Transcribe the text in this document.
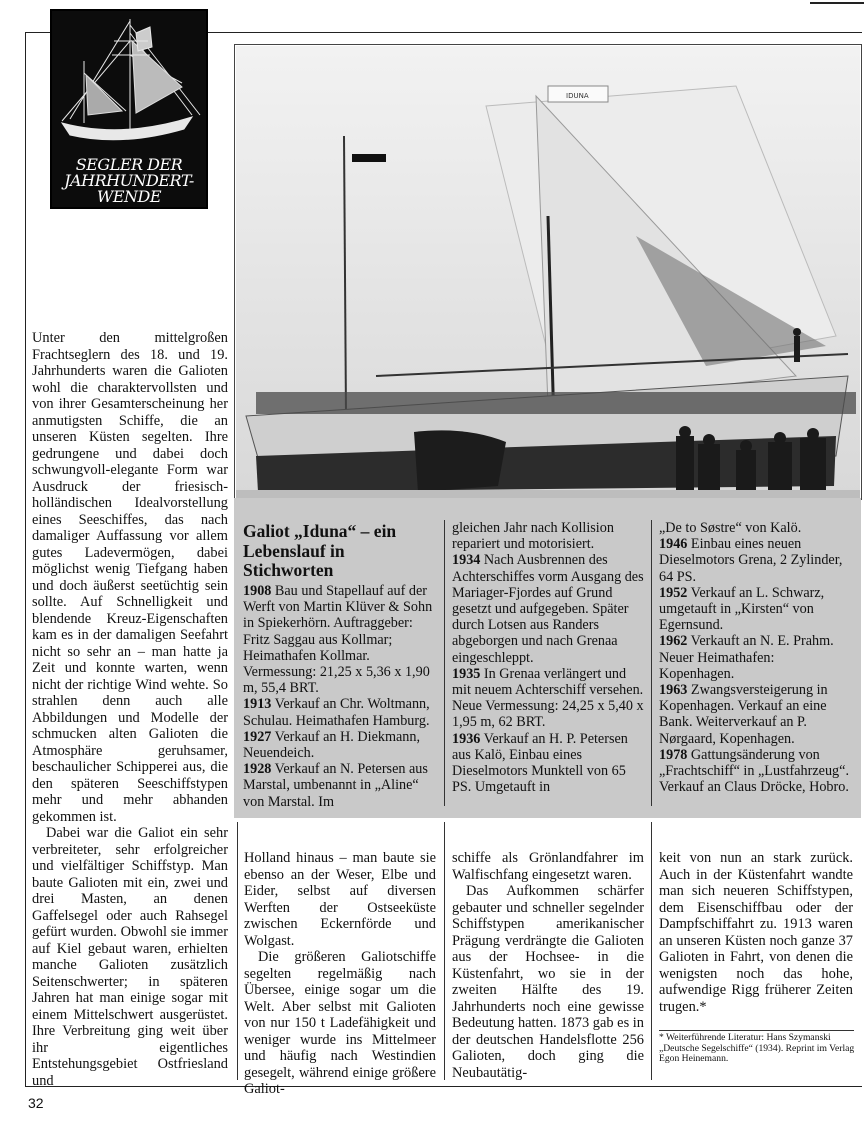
SEGLER DER
JAHRHUNDERT-
WENDE
IDUNA

Unter den mittelgroßen Frachtseglern des 18. und 19. Jahrhunderts waren die Galioten wohl die charaktervollsten und von ihrer Gesamterscheinung her anmutigsten Schiffe, die an unseren Küsten segelten. Ihre gedrungene und dabei doch schwungvoll-elegante Form war Ausdruck der friesisch-holländischen Idealvorstellung eines Seeschiffes, das nach damaliger Auffassung vor allem gutes Ladevermögen, dabei möglichst wenig Tiefgang haben und doch äußerst seetüchtig sein sollte. Auf Schnelligkeit und blendende Kreuz-Eigenschaften kam es in der damaligen Seefahrt nicht so sehr an – man hatte ja Zeit und konnte warten, wenn nicht der richtige Wind wehte. So strahlen denn auch alle Abbildungen und Modelle der schmucken alten Galioten die Atmosphäre geruhsamer, beschaulicher Schipperei aus, die den späteren Seeschiffstypen mehr und mehr abhanden gekommen ist.

Dabei war die Galiot ein sehr verbreiteter, sehr erfolgreicher und vielfältiger Schiffstyp. Man baute Galioten mit ein, zwei und drei Masten, an denen Gaffelsegel oder auch Rahsegel gefürt wurden. Obwohl sie immer auf Kiel gebaut waren, erhielten manche Galioten zusätzlich Seitenschwerter; in späteren Jahren hat man einige sogar mit einem Mittelschwert ausgerüstet. Ihre Verbreitung ging weit über ihr eigentliches Entstehungsgebiet Ostfriesland und

Galiot „Iduna“ – ein Lebenslauf in Stichworten

1908 Bau und Stapellauf auf der Werft von Martin Klüver & Sohn in Spiekerhörn. Auftraggeber: Fritz Saggau aus Kollmar; Heimathafen Kollmar. Vermessung: 21,25 x 5,36 x 1,90 m, 55,4 BRT.

1913 Verkauf an Chr. Woltmann, Schulau. Heimathafen Hamburg.

1927 Verkauf an H. Diekmann, Neuendeich.

1928 Verkauf an N. Petersen aus Marstal, umbenannt in „Aline“ von Marstal. Im

gleichen Jahr nach Kollision repariert und motorisiert.

1934 Nach Ausbrennen des Achterschiffes vorm Ausgang des Mariager-Fjordes auf Grund gesetzt und aufgegeben. Später durch Lotsen aus Randers abgeborgen und nach Grenaa eingeschleppt.

1935 In Grenaa verlängert und mit neuem Achterschiff versehen. Neue Vermessung: 24,25 x 5,40 x 1,95 m, 62 BRT.

1936 Verkauf an H. P. Petersen aus Kalö, Einbau eines Dieselmotors Munktell von 65 PS. Umgetauft in

„De to Søstre“ von Kalö.

1946 Einbau eines neuen Dieselmotors Grena, 2 Zylinder, 64 PS.

1952 Verkauf an L. Schwarz, umgetauft in „Kirsten“ von Egernsund.

1962 Verkauft an N. E. Prahm. Neuer Heimathafen: Kopenhagen.

1963 Zwangsversteigerung in Kopenhagen. Verkauf an eine Bank. Weiterverkauf an P. Nørgaard, Kopenhagen.

1978 Gattungsänderung von „Frachtschiff“ in „Lustfahrzeug“. Verkauf an Claus Dröcke, Hobro.

Holland hinaus – man baute sie ebenso an der Weser, Elbe und Eider, selbst auf diversen Werften der Ostseeküste zwischen Eckernförde und Wolgast.

Die größeren Galiotschiffe segelten regelmäßig nach Übersee, einige sogar um die Welt. Aber selbst mit Galioten von nur 150 t Ladefähigkeit und weniger wurde ins Mittelmeer und häufig nach Westindien gesegelt, während einige größere Galiot-

schiffe als Grönlandfahrer im Walfischfang eingesetzt waren.

Das Aufkommen schärfer gebauter und schneller segelnder Schiffstypen amerikanischer Prägung verdrängte die Galioten aus der Hochsee- in die Küstenfahrt, wo sie in der zweiten Hälfte des 19. Jahrhunderts noch eine gewisse Bedeutung hatten. 1873 gab es in der deutschen Handelsflotte 256 Galioten, doch ging die Neubautätig-

keit von nun an stark zurück. Auch in der Küstenfahrt wandte man sich neueren Schiffstypen, dem Eisenschiffbau oder der Dampfschiffahrt zu. 1913 waren an unseren Küsten noch ganze 37 Galioten in Fahrt, von denen die wenigsten noch das hohe, aufwendige Rigg früherer Zeiten trugen.*

* Weiterführende Literatur: Hans Szymanski „Deutsche Segelschiffe“ (1934). Reprint im Verlag Egon Heinemann.
32
